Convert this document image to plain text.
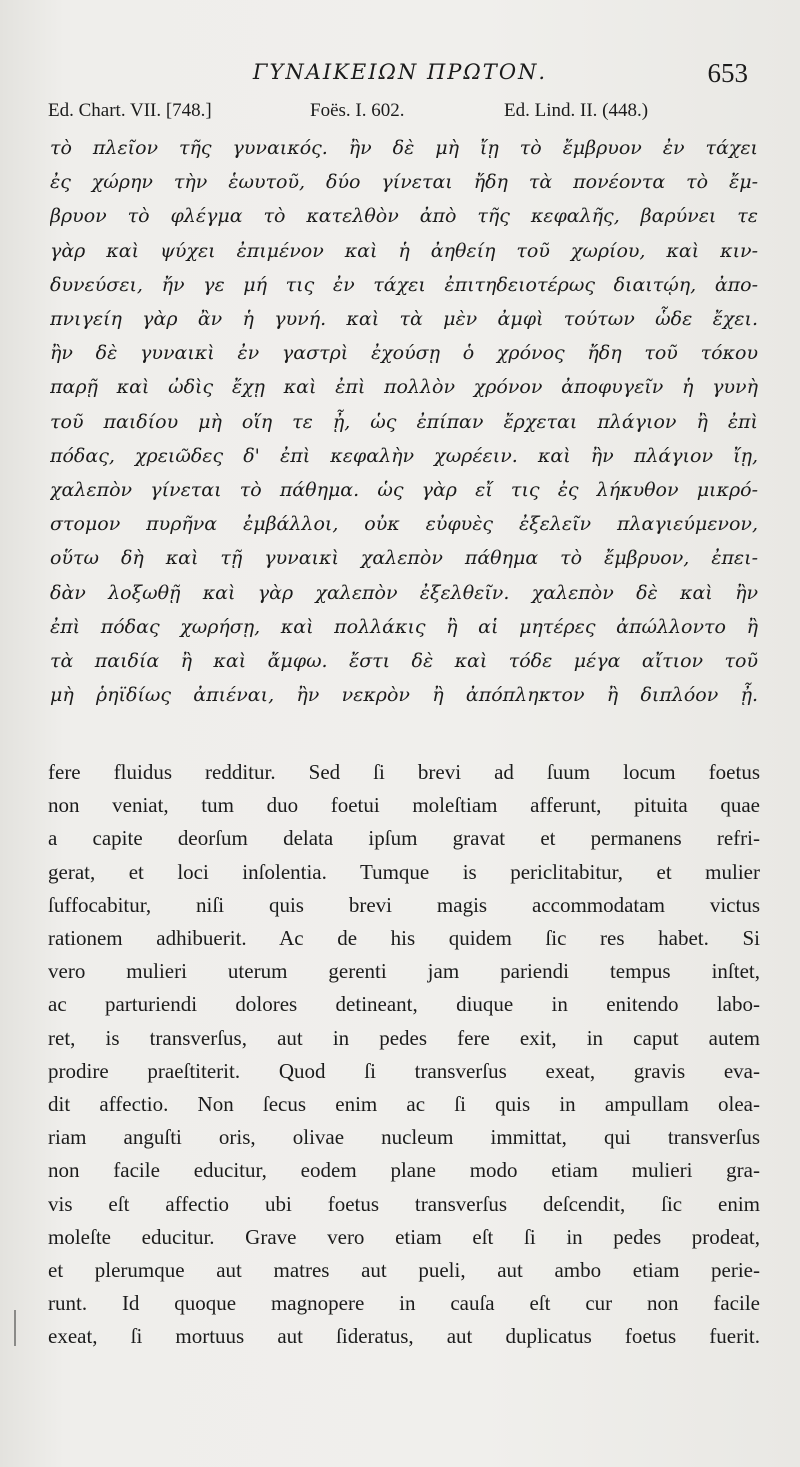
ΓΥΝΑΙΚΕΙΩΝ ΠΡΩΤΟΝ.	653
Ed. Chart. VII. [748.]	Foës. I. 602.	Ed. Lind. II. (448.)
τὸ πλεῖον τῆς γυναικός. ἢν δὲ μὴ ἴῃ τὸ ἔμβρυον ἐν τάχει
ἐς χώρην τὴν ἑωυτοῦ, δύο γίνεται ἤδη τὰ πονέοντα τὸ ἔμ-
βρυον τὸ φλέγμα τὸ κατελθὸν ἀπὸ τῆς κεφαλῆς, βαρύνει τε
γὰρ καὶ ψύχει ἐπιμένον καὶ ἡ ἀηθείη τοῦ χωρίου, καὶ κιν-
δυνεύσει, ἤν γε μή τις ἐν τάχει ἐπιτηδειοτέρως διαιτῴη, ἀπο-
πνιγείη γὰρ ἂν ἡ γυνή. καὶ τὰ μὲν ἀμφὶ τούτων ὧδε ἔχει.
ἢν δὲ γυναικὶ ἐν γαστρὶ ἐχούσῃ ὁ χρόνος ἤδη τοῦ τόκου
παρῇ καὶ ὠδὶς ἔχῃ καὶ ἐπὶ πολλὸν χρόνον ἀποφυγεῖν ἡ γυνὴ
τοῦ παιδίου μὴ οἵη τε ᾖ, ὡς ἐπίπαν ἔρχεται πλάγιον ἢ ἐπὶ
πόδας, χρειῶδες δ' ἐπὶ κεφαλὴν χωρέειν. καὶ ἢν πλάγιον ἴῃ,
χαλεπὸν γίνεται τὸ πάθημα. ὡς γὰρ εἴ τις ἐς λήκυθον μικρό-
στομον πυρῆνα ἐμβάλλοι, οὐκ εὐφυὲς ἐξελεῖν πλαγιεύμενον,
οὕτω δὴ καὶ τῇ γυναικὶ χαλεπὸν πάθημα τὸ ἔμβρυον, ἐπει-
δὰν λοξωθῇ καὶ γὰρ χαλεπὸν ἐξελθεῖν. χαλεπὸν δὲ καὶ ἢν
ἐπὶ πόδας χωρήσῃ, καὶ πολλάκις ἢ αἱ μητέρες ἀπώλλοντο ἢ
τὰ παιδία ἢ καὶ ἄμφω. ἔστι δὲ καὶ τόδε μέγα αἴτιον τοῦ
μὴ ῥηϊδίως ἀπιέναι, ἢν νεκρὸν ἢ ἀπόπληκτον ἢ διπλόον ᾖ.
fere fluidus redditur. Sed ſi brevi ad ſuum locum foetus
non veniat, tum duo foetui moleſtiam afferunt, pituita quae
a capite deorſum delata ipſum gravat et permanens refri-
gerat, et loci inſolentia. Tumque is periclitabitur, et mulier
ſuffocabitur, niſi quis brevi magis accommodatam victus
rationem adhibuerit. Ac de his quidem ſic res habet. Si
vero mulieri uterum gerenti jam pariendi tempus inſtet,
ac parturiendi dolores detineant, diuque in enitendo labo-
ret, is transverſus, aut in pedes fere exit, in caput autem
prodire praeſtiterit. Quod ſi transverſus exeat, gravis eva-
dit affectio. Non ſecus enim ac ſi quis in ampullam olea-
riam anguſti oris, olivae nucleum immittat, qui transverſus
non facile educitur, eodem plane modo etiam mulieri gra-
vis eſt affectio ubi foetus transverſus deſcendit, ſic enim
moleſte educitur. Grave vero etiam eſt ſi in pedes prodeat,
et plerumque aut matres aut pueli, aut ambo etiam perie-
runt. Id quoque magnopere in cauſa eſt cur non facile
exeat, ſi mortuus aut ſideratus, aut duplicatus foetus fuerit.
